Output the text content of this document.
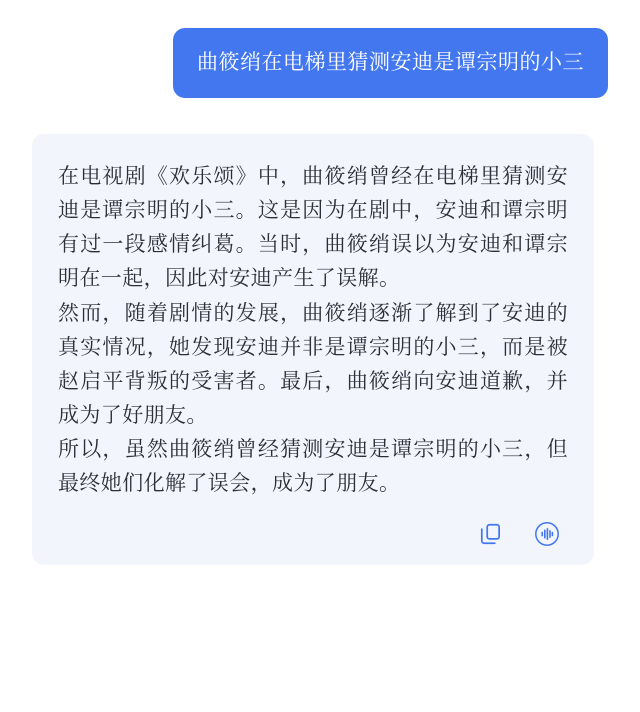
曲筱绡在电梯里猜测安迪是谭宗明的小三

在电视剧《欢乐颂》中，曲筱绡曾经在电梯里猜测安迪是谭宗明的小三。这是因为在剧中，安迪和谭宗明有过一段感情纠葛。当时，曲筱绡误以为安迪和谭宗明在一起，因此对安迪产生了误解。

然而，随着剧情的发展，曲筱绡逐渐了解到了安迪的真实情况，她发现安迪并非是谭宗明的小三，而是被赵启平背叛的受害者。最后，曲筱绡向安迪道歉，并成为了好朋友。

所以，虽然曲筱绡曾经猜测安迪是谭宗明的小三，但最终她们化解了误会，成为了朋友。
